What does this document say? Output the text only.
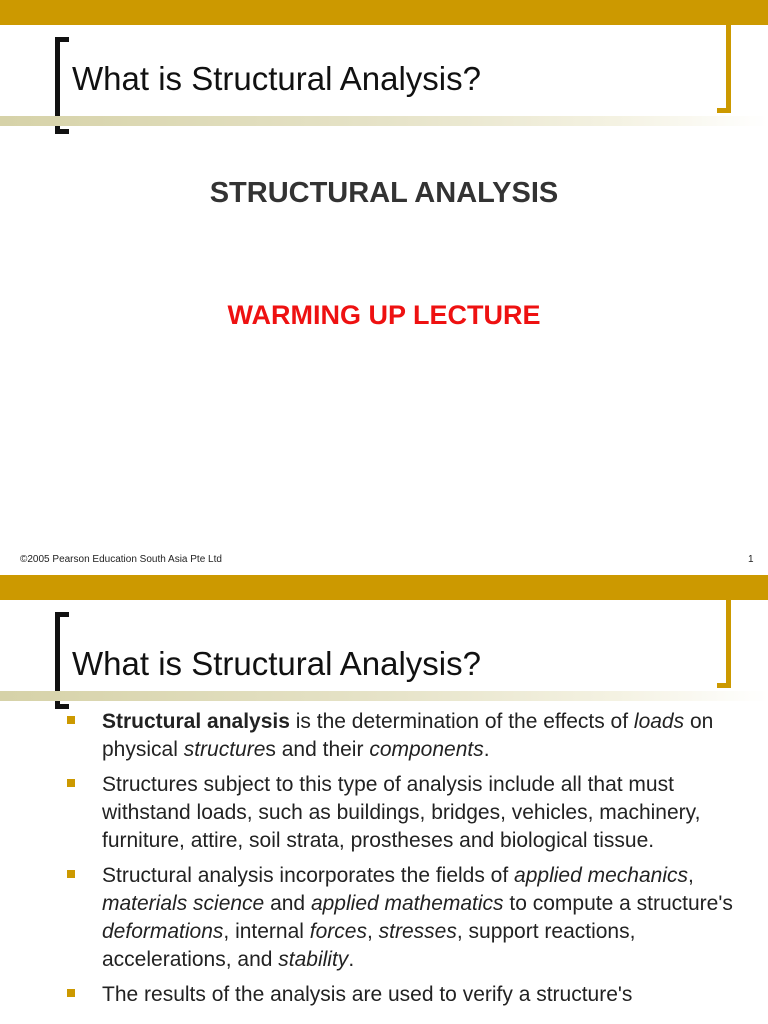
What is Structural Analysis?
STRUCTURAL ANALYSIS
WARMING UP LECTURE
©2005 Pearson Education South Asia Pte Ltd	1
What is Structural Analysis?
Structural analysis is the determination of the effects of loads on physical structures and their components.
Structures subject to this type of analysis include all that must withstand loads, such as buildings, bridges, vehicles, machinery, furniture, attire, soil strata, prostheses and biological tissue.
Structural analysis incorporates the fields of applied mechanics, materials science and applied mathematics to compute a structure's deformations, internal forces, stresses, support reactions, accelerations, and stability.
The results of the analysis are used to verify a structure's
